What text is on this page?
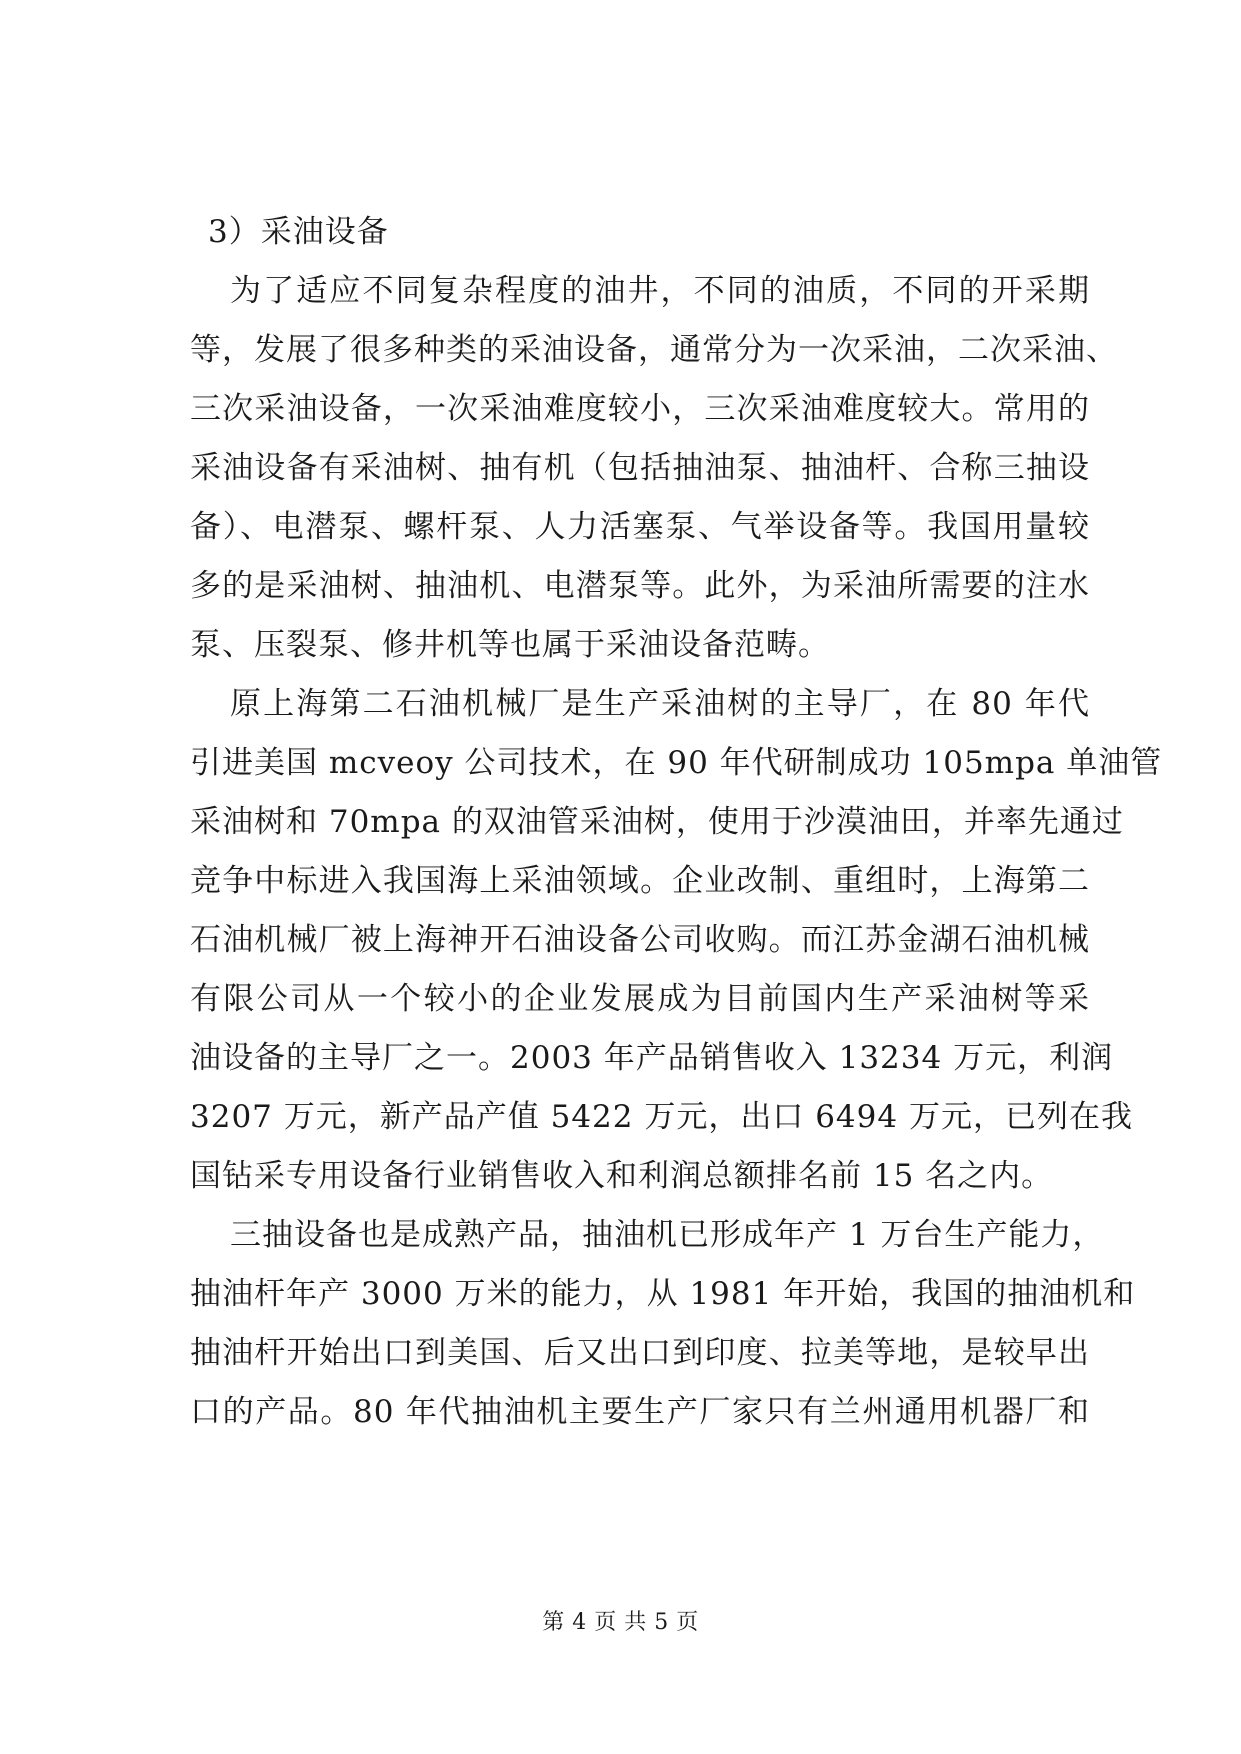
3）采油设备

为了适应不同复杂程度的油井，不同的油质，不同的开采期

等，发展了很多种类的采油设备，通常分为一次采油，二次采油、

三次采油设备，一次采油难度较小，三次采油难度较大。常用的

采油设备有采油树、抽有机（包括抽油泵、抽油杆、合称三抽设

备）、电潜泵、螺杆泵、人力活塞泵、气举设备等。我国用量较

多的是采油树、抽油机、电潜泵等。此外，为采油所需要的注水

泵、压裂泵、修井机等也属于采油设备范畴。

原上海第二石油机械厂是生产采油树的主导厂，在 80 年代

引进美国 mcveoy 公司技术，在 90 年代研制成功 105mpa 单油管

采油树和 70mpa 的双油管采油树，使用于沙漠油田，并率先通过

竞争中标进入我国海上采油领域。企业改制、重组时，上海第二

石油机械厂被上海神开石油设备公司收购。而江苏金湖石油机械

有限公司从一个较小的企业发展成为目前国内生产采油树等采

油设备的主导厂之一。2003 年产品销售收入 13234 万元，利润

3207 万元，新产品产值 5422 万元，出口 6494 万元，已列在我

国钻采专用设备行业销售收入和利润总额排名前 15 名之内。

三抽设备也是成熟产品，抽油机已形成年产 1 万台生产能力，

抽油杆年产 3000 万米的能力，从 1981 年开始，我国的抽油机和

抽油杆开始出口到美国、后又出口到印度、拉美等地，是较早出

口的产品。80 年代抽油机主要生产厂家只有兰州通用机器厂和

第 4 页 共 5 页
